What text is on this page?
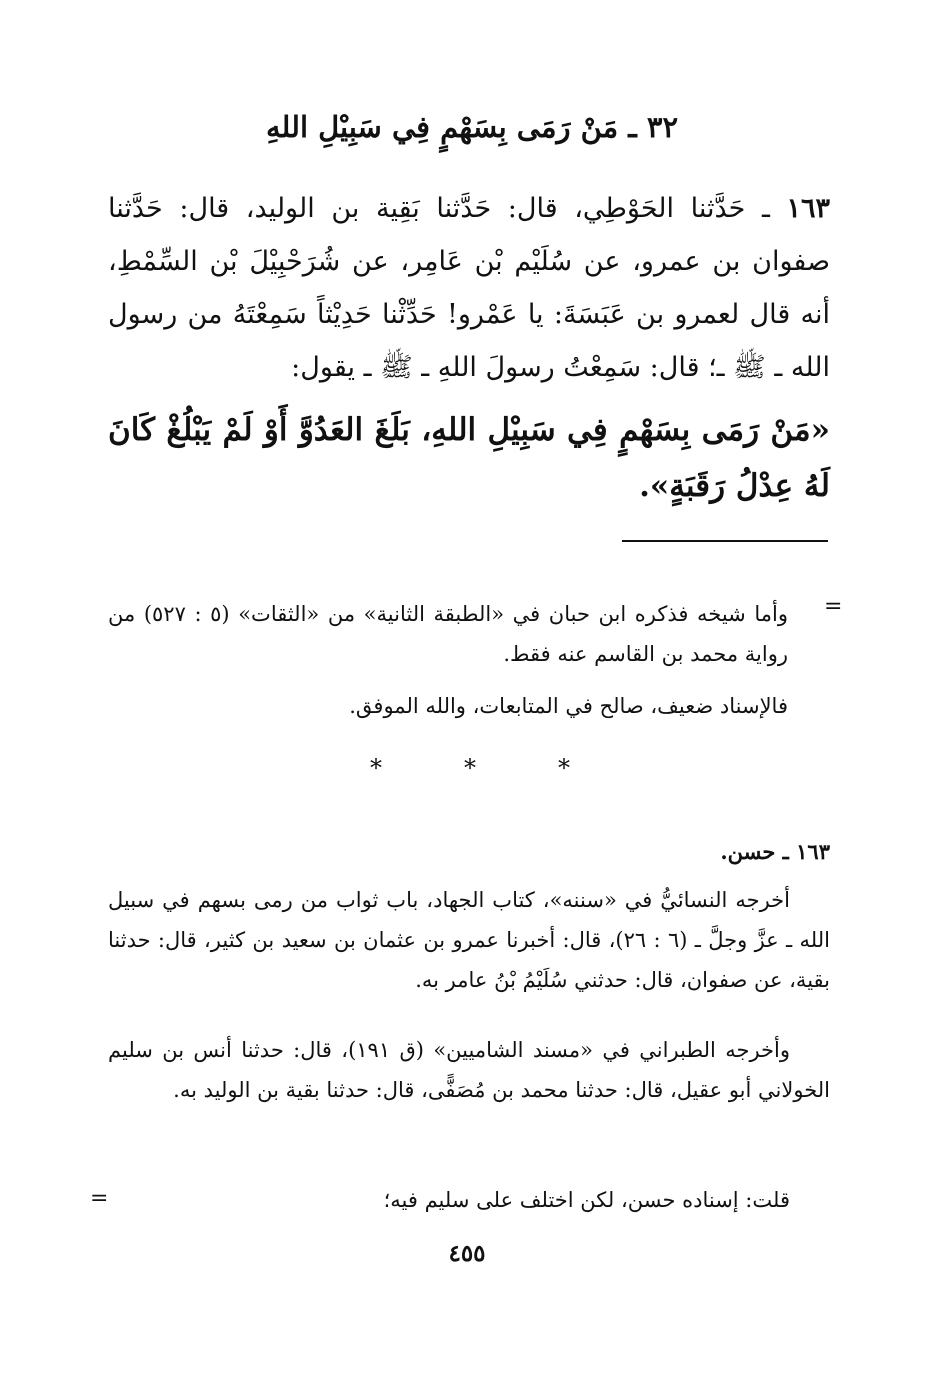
٣٢ ـ مَنْ رَمَى بِسَهْمٍ فِي سَبِيْلِ اللهِ
١٦٣ ـ حَدَّثنا الحَوْطِي، قال: حَدَّثنا بَقِية بن الوليد، قال: حَدَّثنا صفوان بن عمرو، عن سُلَيْم بْن عَامِر، عن شُرَحْبِيْلَ بْن السِّمْطِ، أنه قال لعمرو بن عَبَسَةَ: يا عَمْرو! حَدِّثْنا حَدِيْثاً سَمِعْتَهُ من رسول الله ـ ﷺ ـ؛ قال: سَمِعْتُ رسولَ اللهِ ـ ﷺ ـ يقول:
«مَنْ رَمَى بِسَهْمٍ فِي سَبِيْلِ اللهِ، بَلَغَ العَدُوَّ أَوْ لَمْ يَبْلُغْ كَانَ لَهُ عِدْلُ رَقَبَةٍ».
=
وأما شيخه فذكره ابن حبان في «الطبقة الثانية» من «الثقات» (٥ : ٥٢٧) من رواية محمد بن القاسم عنه فقط.
فالإسناد ضعيف، صالح في المتابعات، والله الموفق.
*	*	*
١٦٣ ـ حسن.
أخرجه النسائيُّ في «سننه»، كتاب الجهاد، باب ثواب من رمى بسهم في سبيل الله ـ عزَّ وجلَّ ـ (٦ : ٢٦)، قال: أخبرنا عمرو بن عثمان بن سعيد بن كثير، قال: حدثنا بقية، عن صفوان، قال: حدثني سُلَيْمُ بْنُ عامر به.
وأخرجه الطبراني في «مسند الشاميين» (ق ١٩١)، قال: حدثنا أنس بن سليم الخولاني أبو عقيل، قال: حدثنا محمد بن مُصَفًّى، قال: حدثنا بقية بن الوليد به.
قلت: إسناده حسن، لكن اختلف على سليم فيه؛
=
٤٥٥
